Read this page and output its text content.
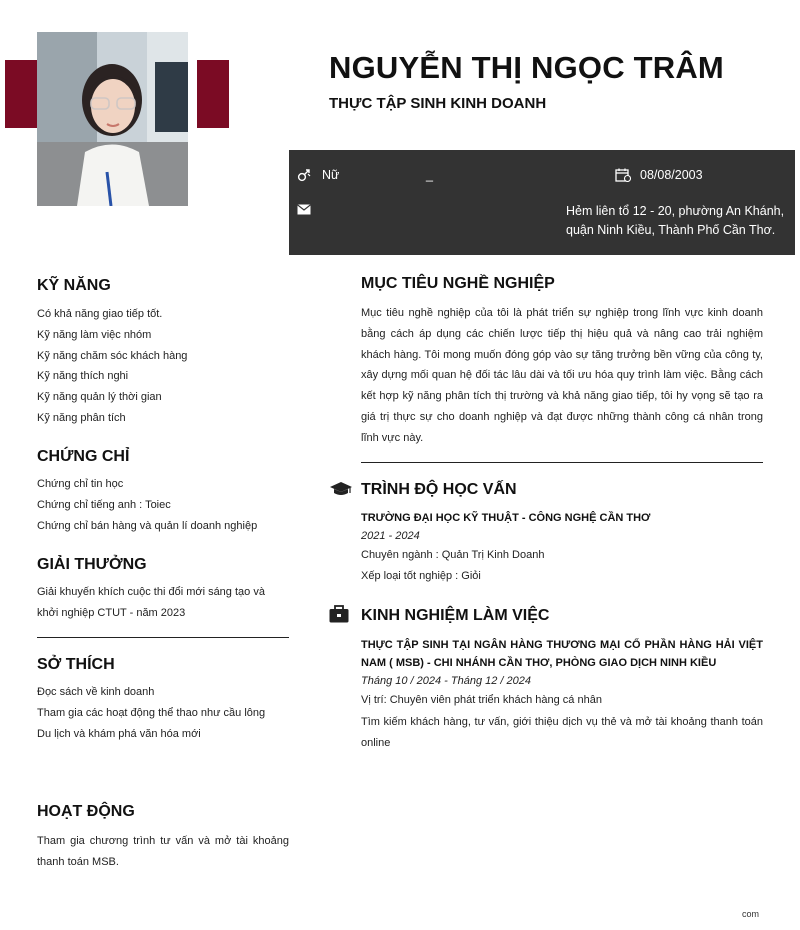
NGUYỄN THỊ NGỌC TRÂM
THỰC TẬP SINH KINH DOANH
Nữ	_	08/08/2003
Hẻm liên tổ 12 - 20, phường An Khánh, quận Ninh Kiều, Thành Phố Cần Thơ.
KỸ NĂNG
Có khả năng giao tiếp tốt.
Kỹ năng làm việc nhóm
Kỹ năng chăm sóc khách hàng
Kỹ năng thích nghi
Kỹ năng quản lý thời gian
Kỹ năng phân tích
CHỨNG CHỈ
Chứng chỉ tin học
Chứng chỉ tiếng anh : Toiec
Chứng chỉ bán hàng và quản lí doanh nghiệp
GIẢI THƯỞNG
Giải khuyến khích cuộc thi đổi mới sáng tạo và khởi nghiệp CTUT - năm 2023
SỞ THÍCH
Đọc sách về kinh doanh
Tham gia các hoạt động thể thao như cầu lông
Du lịch và khám phá văn hóa mới
HOẠT ĐỘNG
Tham gia chương trình tư vấn và mở tài khoảng thanh toán MSB.
MỤC TIÊU NGHỀ NGHIỆP
Mục tiêu nghề nghiệp của tôi là phát triển sự nghiệp trong lĩnh vực kinh doanh bằng cách áp dụng các chiến lược tiếp thị hiệu quả và nâng cao trải nghiệm khách hàng. Tôi mong muốn đóng góp vào sự tăng trưởng bền vững của công ty, xây dựng mối quan hệ đối tác lâu dài và tối ưu hóa quy trình làm việc. Bằng cách kết hợp kỹ năng phân tích thị trường và khả năng giao tiếp, tôi hy vọng sẽ tạo ra giá trị thực sự cho doanh nghiệp và đạt được những thành công cá nhân trong lĩnh vực này.
TRÌNH ĐỘ HỌC VẤN
TRƯỜNG ĐẠI HỌC KỸ THUẬT - CÔNG NGHỆ CẦN THƠ
2021 - 2024
Chuyên ngành : Quản Trị Kinh Doanh
Xếp loại tốt nghiệp : Giỏi
KINH NGHIỆM LÀM VIỆC
THỰC TẬP SINH TẠI NGÂN HÀNG THƯƠNG MẠI CỔ PHẦN HÀNG HẢI VIỆT NAM ( MSB) - CHI NHÁNH CẦN THƠ, PHÒNG GIAO DỊCH NINH KIỀU
Tháng 10 / 2024 - Tháng 12 / 2024
Vị trí: Chuyên viên phát triển khách hàng cá nhân
Tìm kiếm khách hàng, tư vấn, giới thiệu dịch vụ thẻ và mở tài khoảng thanh toán online
com
